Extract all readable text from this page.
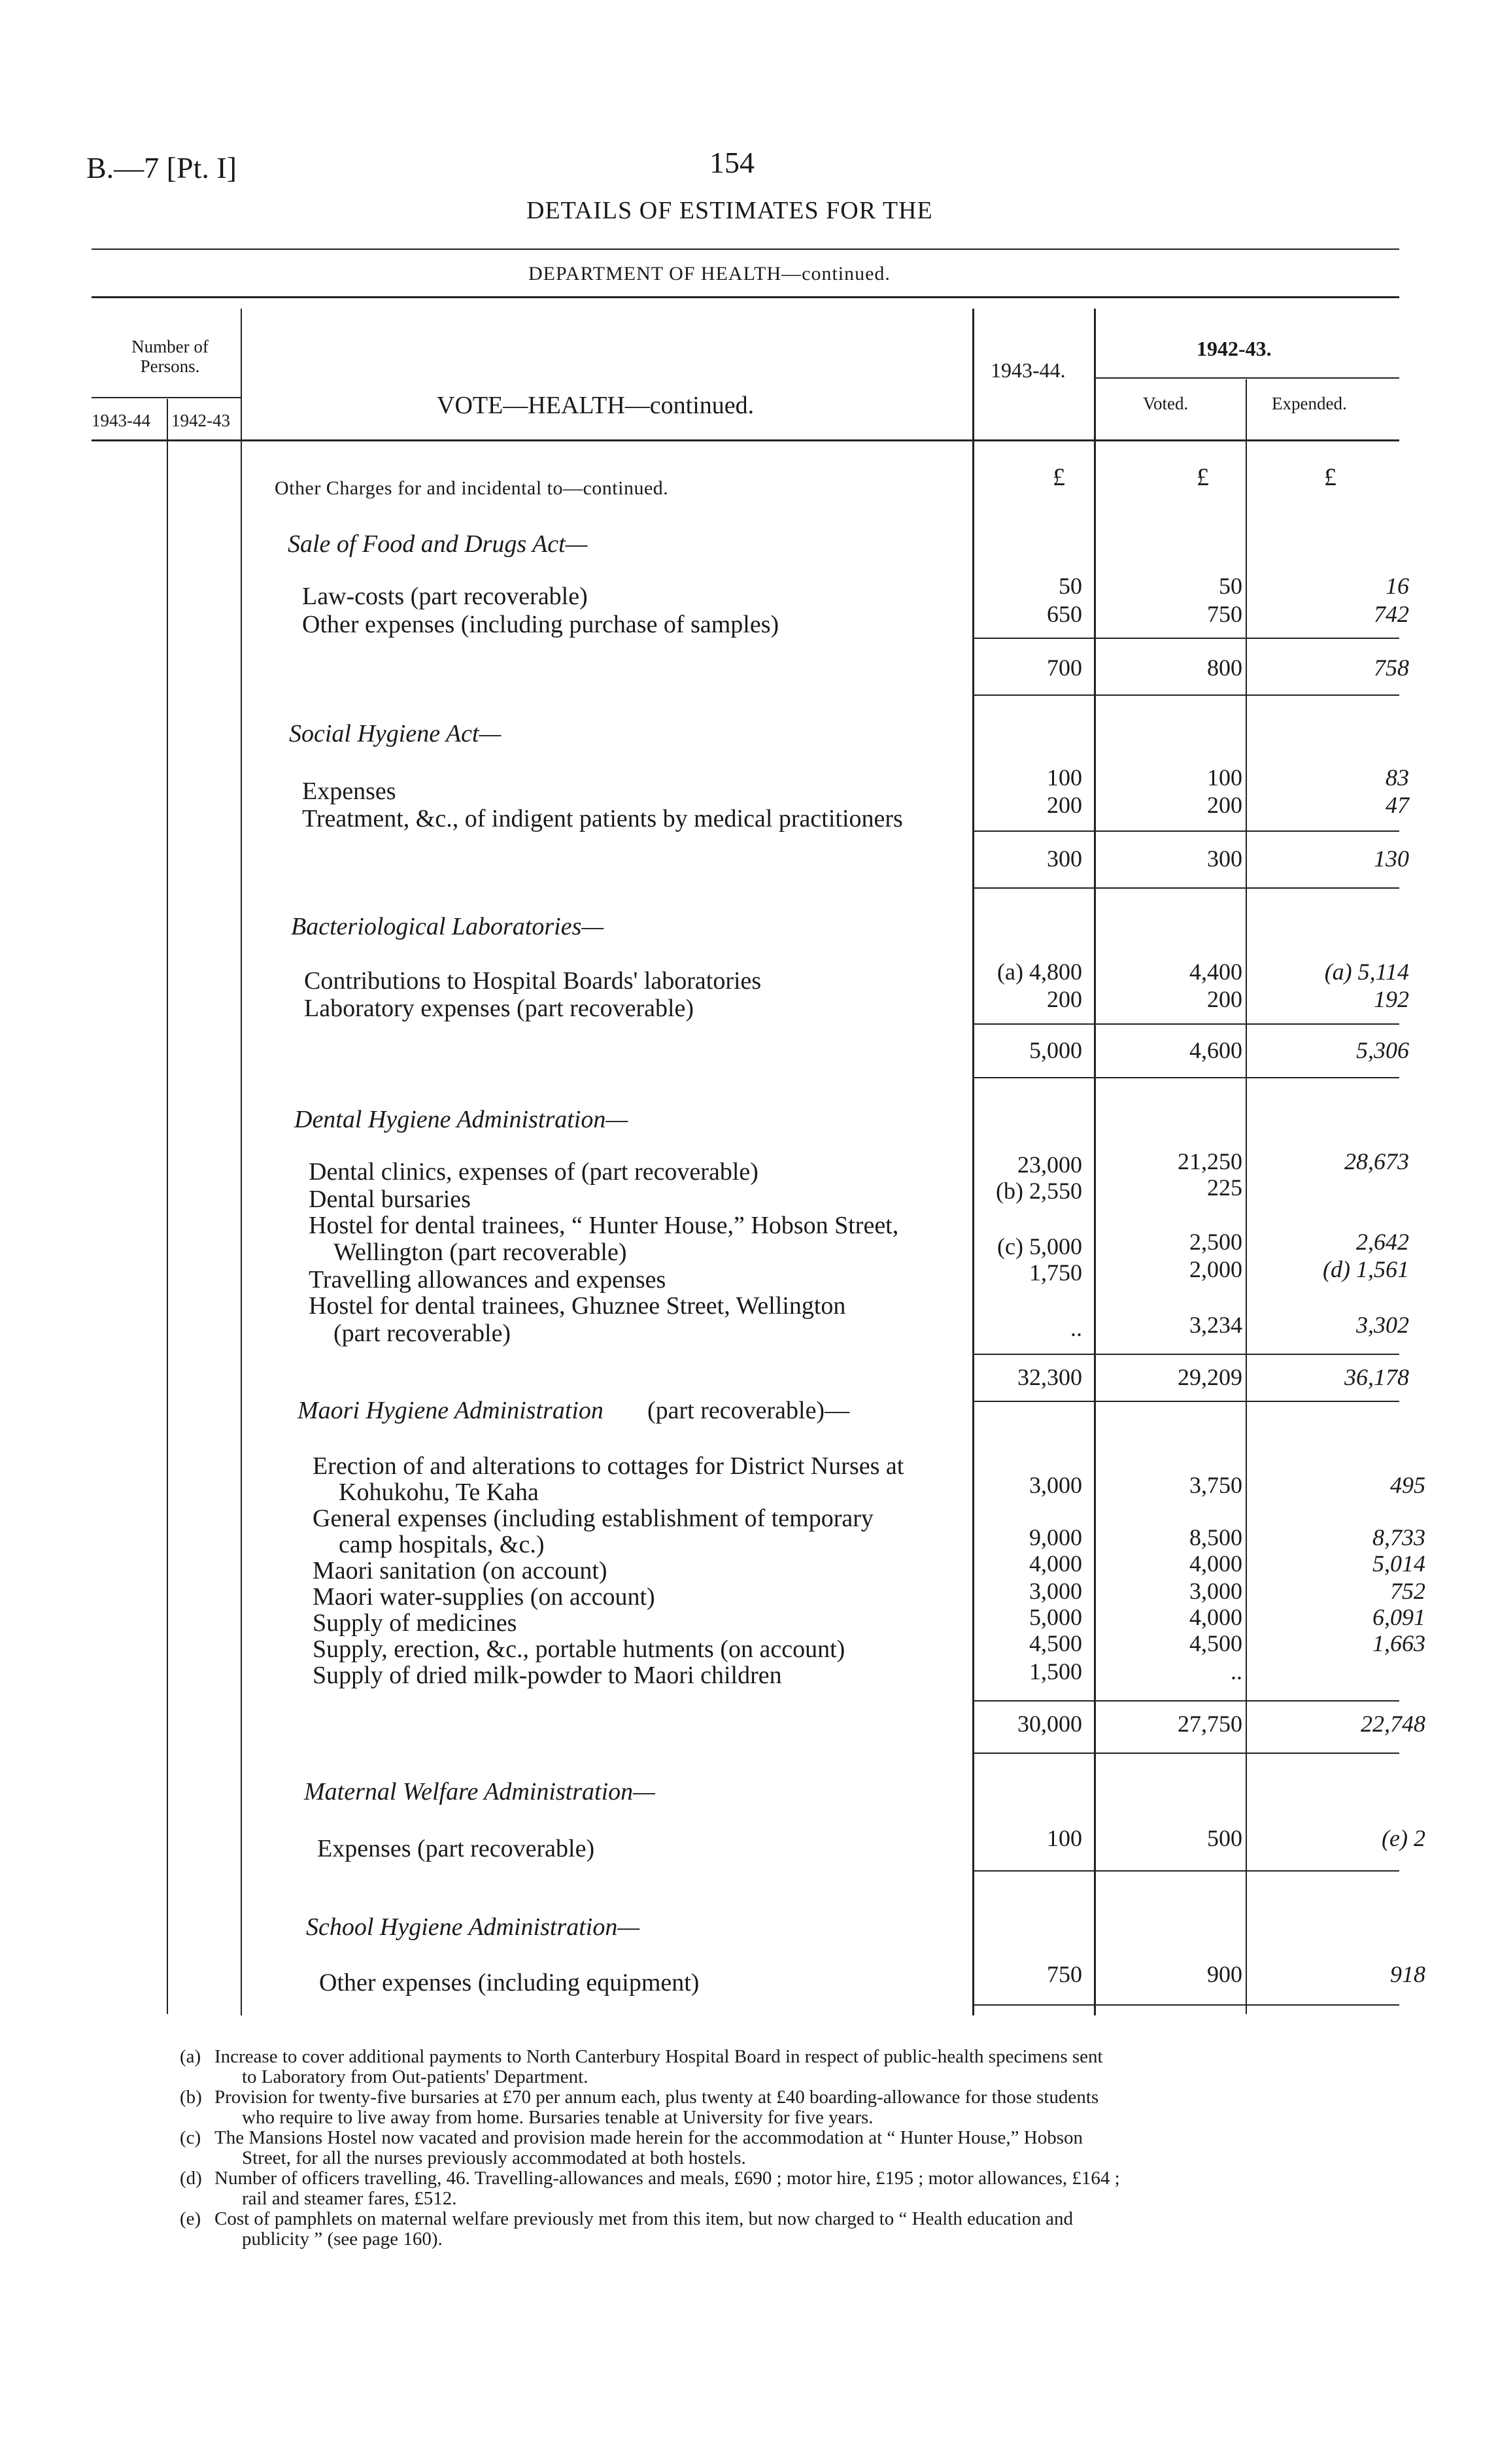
B.—7 [Pt. I]	154
DETAILS OF ESTIMATES FOR THE
DEPARTMENT OF HEALTH—continued.
Number of Persons.
1943-44 1942-43
VOTE—HEALTH—continued.
1943-44.
1942-43.
Voted.	Expended.
Other Charges for and incidental to—continued.	£	£	£
Sale of Food and Drugs Act—
Law-costs (part recoverable)	50	50	16
Other expenses (including purchase of samples)	650	750	742
700	800	758
Social Hygiene Act—
Expenses	100	100	83
Treatment, &c., of indigent patients by medical practitioners	200	200	47
300	300	130
Bacteriological Laboratories—
Contributions to Hospital Boards' laboratories	(a) 4,800	4,400	(a) 5,114
Laboratory expenses (part recoverable)	200	200	192
5,000	4,600	5,306
Dental Hygiene Administration—
Dental clinics, expenses of (part recoverable)	23,000	21,250	28,673
Dental bursaries	(b) 2,550	225
Hostel for dental trainees, “ Hunter House,” Hobson Street,
Wellington (part recoverable)	(c) 5,000	2,500	2,642
Travelling allowances and expenses	1,750	2,000	(d) 1,561
Hostel for dental trainees, Ghuznee Street, Wellington
(part recoverable)	..	3,234	3,302
32,300	29,209	36,178
Maori Hygiene Administration (part recoverable)—
Erection of and alterations to cottages for District Nurses at
Kohukohu, Te Kaha	3,000	3,750	495
General expenses (including establishment of temporary
camp hospitals, &c.)	9,000	8,500	8,733
Maori sanitation (on account)	4,000	4,000	5,014
Maori water-supplies (on account)	3,000	3,000	752
Supply of medicines	5,000	4,000	6,091
Supply, erection, &c., portable hutments (on account)	4,500	4,500	1,663
Supply of dried milk-powder to Maori children	1,500	..
30,000	27,750	22,748
Maternal Welfare Administration—
Expenses (part recoverable)	100	500	(e) 2
School Hygiene Administration—
Other expenses (including equipment)	750	900	918
(a) Increase to cover additional payments to North Canterbury Hospital Board in respect of public-health specimens sent
to Laboratory from Out-patients' Department.
(b) Provision for twenty-five bursaries at £70 per annum each, plus twenty at £40 boarding-allowance for those students
who require to live away from home. Bursaries tenable at University for five years.
(c) The Mansions Hostel now vacated and provision made herein for the accommodation at “ Hunter House,” Hobson
Street, for all the nurses previously accommodated at both hostels.
(d) Number of officers travelling, 46. Travelling-allowances and meals, £690 ; motor hire, £195 ; motor allowances, £164 ;
rail and steamer fares, £512.
(e) Cost of pamphlets on maternal welfare previously met from this item, but now charged to “ Health education and
publicity ” (see page 160).
